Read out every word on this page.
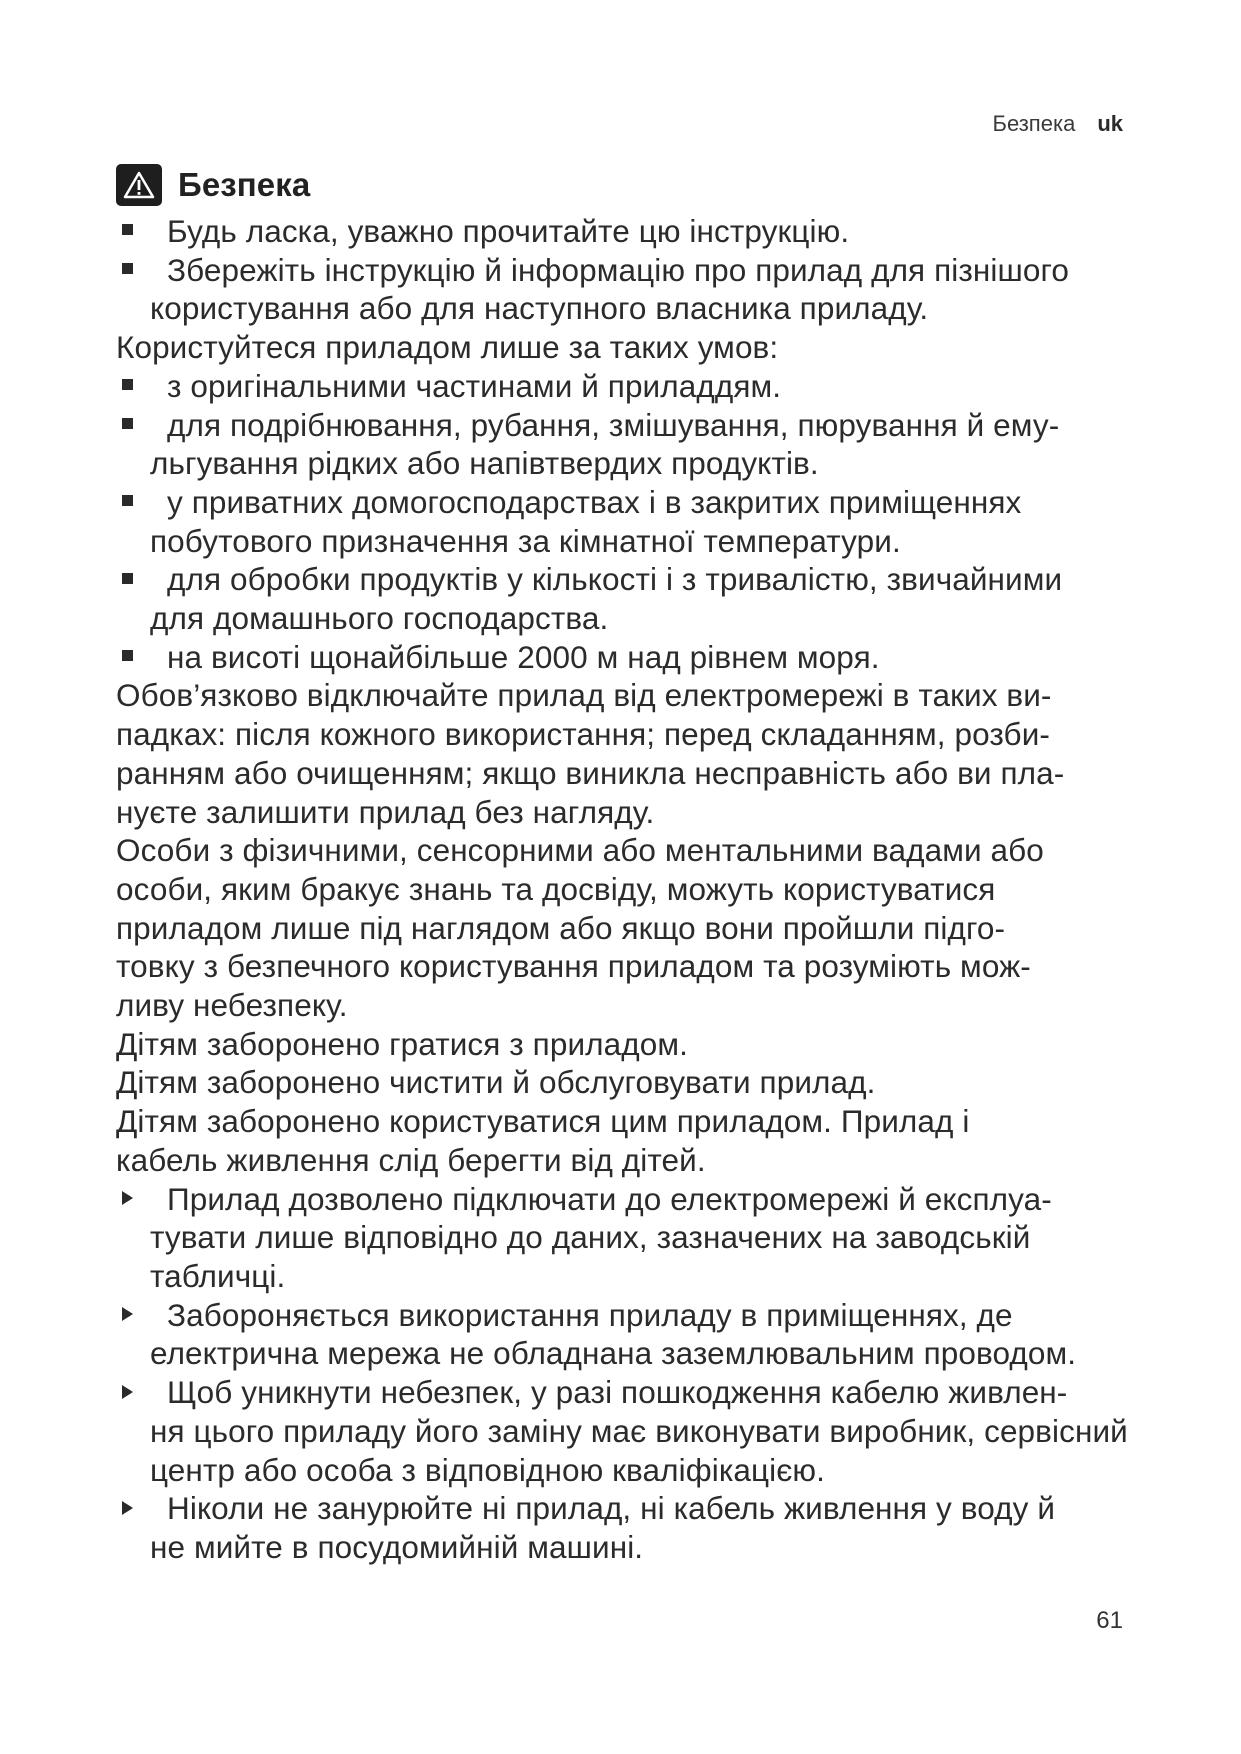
Безпека uk
Безпека
Будь ласка, уважно прочитайте цю інструкцію.
Збережіть інструкцію й інформацію про прилад для пізнішого
користування або для наступного власника приладу.
Користуйтеся приладом лише за таких умов:
з оригінальними частинами й приладдям.
для подрібнювання, рубання, змішування, пюрування й ему-
льгування рідких або напівтвердих продуктів.
у приватних домогосподарствах і в закритих приміщеннях
побутового призначення за кімнатної температури.
для обробки продуктів у кількості і з тривалістю, звичайними
для домашнього господарства.
на висоті щонайбільше 2000 м над рівнем моря.
Обов’язково відключайте прилад від електромережі в таких ви-
падках: після кожного використання; перед складанням, розби-
ранням або очищенням; якщо виникла несправність або ви пла-
нуєте залишити прилад без нагляду.
Особи з фізичними, сенсорними або ментальними вадами або
особи, яким бракує знань та досвіду, можуть користуватися
приладом лише під наглядом або якщо вони пройшли підго-
товку з безпечного користування приладом та розуміють мож-
ливу небезпеку.
Дітям заборонено гратися з приладом.
Дітям заборонено чистити й обслуговувати прилад.
Дітям заборонено користуватися цим приладом. Прилад і
кабель живлення слід берегти від дітей.
Прилад дозволено підключати до електромережі й експлуа-
тувати лише відповідно до даних, зазначених на заводській табличці.
Забороняється використання приладу в приміщеннях, де
електрична мережа не обладнана заземлювальним проводом.
Щоб уникнути небезпек, у разі пошкодження кабелю живлен-
ня цього приладу його заміну має виконувати виробник, сервісний центр або особа з відповідною кваліфікацією.
Ніколи не занурюйте ні прилад, ні кабель живлення у воду й
не мийте в посудомийній машині.
61
